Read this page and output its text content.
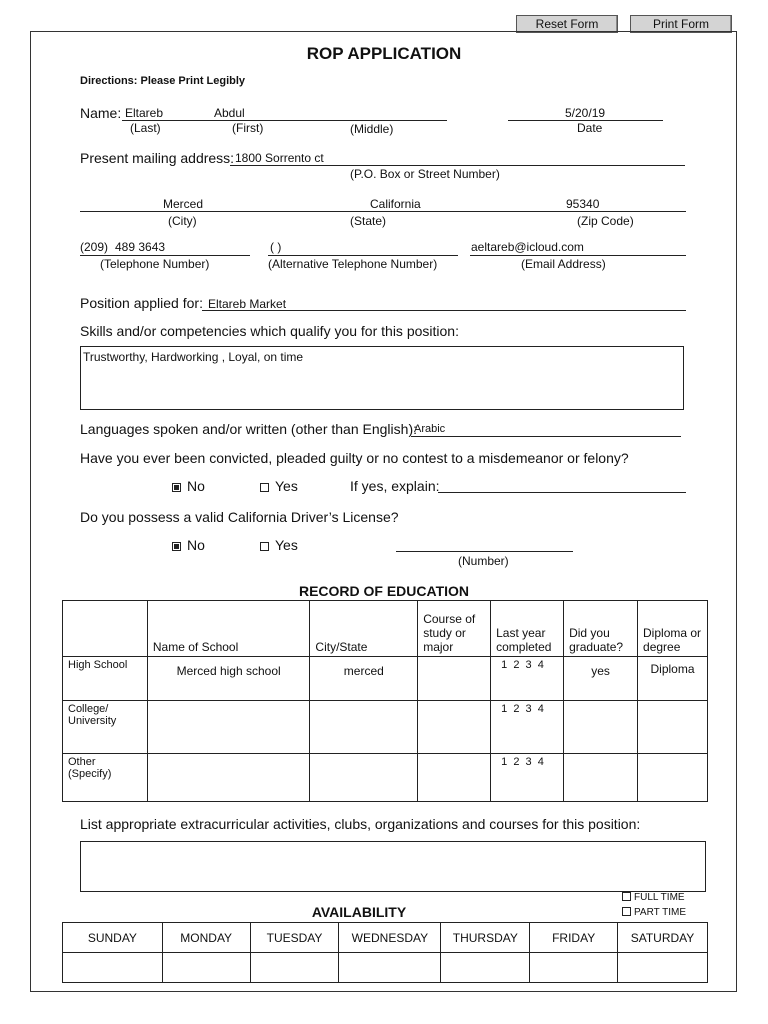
Reset Form	Print Form
ROP APPLICATION
Directions: Please Print Legibly
Name: Eltareb	Abdul
(Last)	(First)	(Middle)
5/20/19
Date
Present mailing address: 1800 Sorrento ct
(P.O. Box or Street Number)
Merced	California	95340
(City)	(State)	(Zip Code)
(209) 489 3643
(Telephone Number)
( )
(Alternative Telephone Number)
aeltareb@icloud.com
(Email Address)
Position applied for: Eltareb Market
Skills and/or competencies which qualify you for this position:
Trustworthy, Hardworking , Loyal, on time
Languages spoken and/or written (other than English):
Arabic
Have you ever been convicted, pleaded guilty or no contest to a misdemeanor or felony?
No	Yes	If yes, explain:
Do you possess a valid California Driver’s License?
No	Yes
(Number)
RECORD OF EDUCATION
	Name of School	City/State	Course of study or major	Last year completed	Did you graduate?	Diploma or degree
High School	Merced high school	merced		1  2  3  4	yes	Diploma
College/ University				1  2  3  4		
Other (Specify)				1  2  3  4		
List appropriate extracurricular activities, clubs, organizations and courses for this position:
FULL TIME
PART TIME
AVAILABILITY
SUNDAY	MONDAY	TUESDAY	WEDNESDAY	THURSDAY	FRIDAY	SATURDAY
